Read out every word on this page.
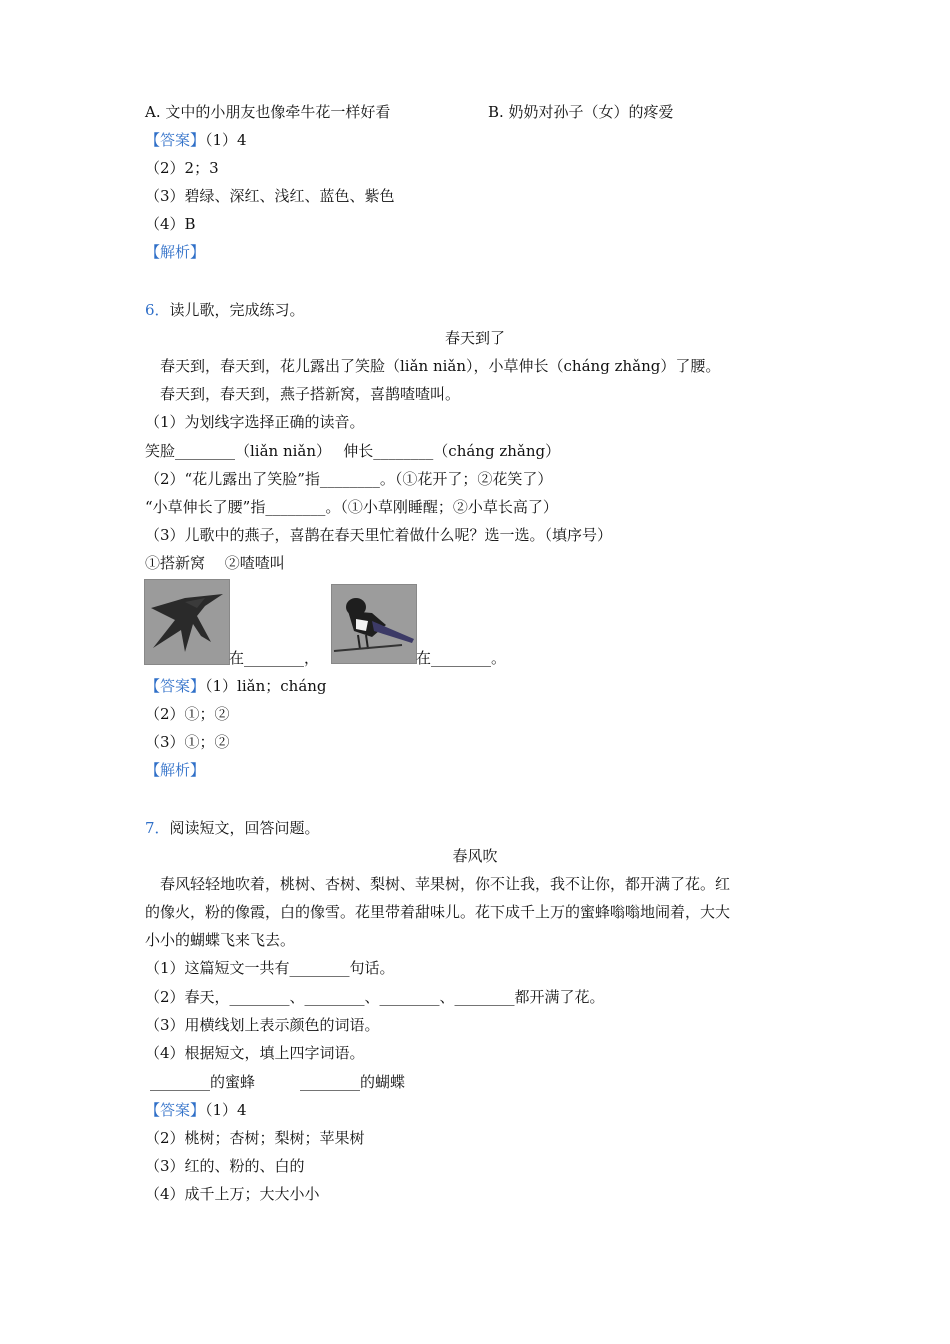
A. 文中的小朋友也像牵牛花一样好看	B. 奶奶对孙子（女）的疼爱
【答案】（1）4
（2）2；3
（3）碧绿、深红、浅红、蓝色、紫色
（4）B
【解析】
6．读儿歌，完成练习。
春天到了
春天到，春天到，花儿露出了笑脸（liǎn niǎn），小草伸长（cháng zhǎng）了腰。
春天到，春天到，燕子搭新窝，喜鹊喳喳叫。
（1）为划线字选择正确的读音。
笑脸________（liǎn niǎn）　 伸长________（cháng zhǎng）
（2）“花儿露出了笑脸”指________。（①花开了；②花笑了）
“小草伸长了腰”指________。（①小草刚睡醒；②小草长高了）
（3）儿歌中的燕子，喜鹊在春天里忙着做什么呢？选一选。（填序号）
①搭新窝　 ②喳喳叫
在________，	在________。
【答案】（1）liǎn；cháng
（2）①；②
（3）①；②
【解析】
7．阅读短文，回答问题。
春风吹
春风轻轻地吹着，桃树、杏树、梨树、苹果树，你不让我，我不让你，都开满了花。红
的像火，粉的像霞，白的像雪。花里带着甜味儿。花下成千上万的蜜蜂嗡嗡地闹着，大大
小小的蝴蝶飞来飞去。
（1）这篇短文一共有________句话。
（2）春天，________、________、________、________都开满了花。
（3）用横线划上表示颜色的词语。
（4）根据短文，填上四字词语。
________的蜜蜂　　　________的蝴蝶
【答案】（1）4
（2）桃树；杏树；梨树；苹果树
（3）红的、粉的、白的
（4）成千上万；大大小小
